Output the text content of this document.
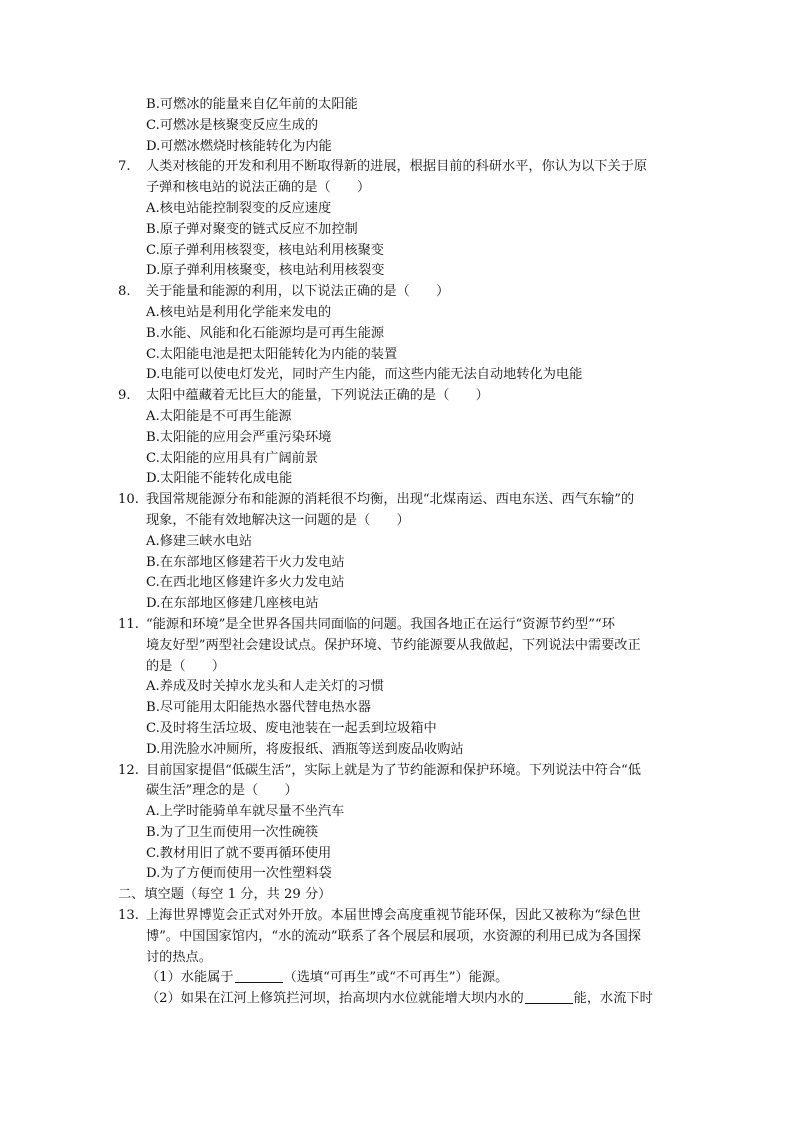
B.可燃冰的能量来自亿年前的太阳能
C.可燃冰是核聚变反应生成的
D.可燃冰燃烧时核能转化为内能
7. 人类对核能的开发和利用不断取得新的进展，根据目前的科研水平，你认为以下关于原
子弹和核电站的说法正确的是（　　）
A.核电站能控制裂变的反应速度
B.原子弹对聚变的链式反应不加控制
C.原子弹利用核裂变，核电站利用核聚变
D.原子弹利用核聚变，核电站利用核裂变
8. 关于能量和能源的利用，以下说法正确的是（　　）
A.核电站是利用化学能来发电的
B.水能、风能和化石能源均是可再生能源
C.太阳能电池是把太阳能转化为内能的装置
D.电能可以使电灯发光，同时产生内能，而这些内能无法自动地转化为电能
9. 太阳中蕴藏着无比巨大的能量，下列说法正确的是（　　）
A.太阳能是不可再生能源
B.太阳能的应用会严重污染环境
C.太阳能的应用具有广阔前景
D.太阳能不能转化成电能
10. 我国常规能源分布和能源的消耗很不均衡，出现“北煤南运、西电东送、西气东输”的
现象，不能有效地解决这一问题的是（　　）
A.修建三峡水电站
B.在东部地区修建若干火力发电站
C.在西北地区修建许多火力发电站
D.在东部地区修建几座核电站
11. “能源和环境”是全世界各国共同面临的问题。我国各地正在运行“资源节约型”“环
境友好型”两型社会建设试点。保护环境、节约能源要从我做起，下列说法中需要改正
的是（　　）
A.养成及时关掉水龙头和人走关灯的习惯
B.尽可能用太阳能热水器代替电热水器
C.及时将生活垃圾、废电池装在一起丢到垃圾箱中
D.用洗脸水冲厕所，将废报纸、酒瓶等送到废品收购站
12. 目前国家提倡“低碳生活”，实际上就是为了节约能源和保护环境。下列说法中符合“低
碳生活”理念的是（　　）
A.上学时能骑单车就尽量不坐汽车
B.为了卫生而使用一次性碗筷
C.教材用旧了就不要再循环使用
D.为了方便而使用一次性塑料袋
二、填空题（每空 1 分，共 29 分）
13. 上海世界博览会正式对外开放。本届世博会高度重视节能环保，因此又被称为“绿色世
博”。中国国家馆内，“水的流动”联系了各个展层和展项，水资源的利用已成为各国探
讨的热点。
（1）水能属于	（选填“可再生”或“不可再生”）能源。
（2）如果在江河上修筑拦河坝，抬高坝内水位就能增大坝内水的	能，水流下时
